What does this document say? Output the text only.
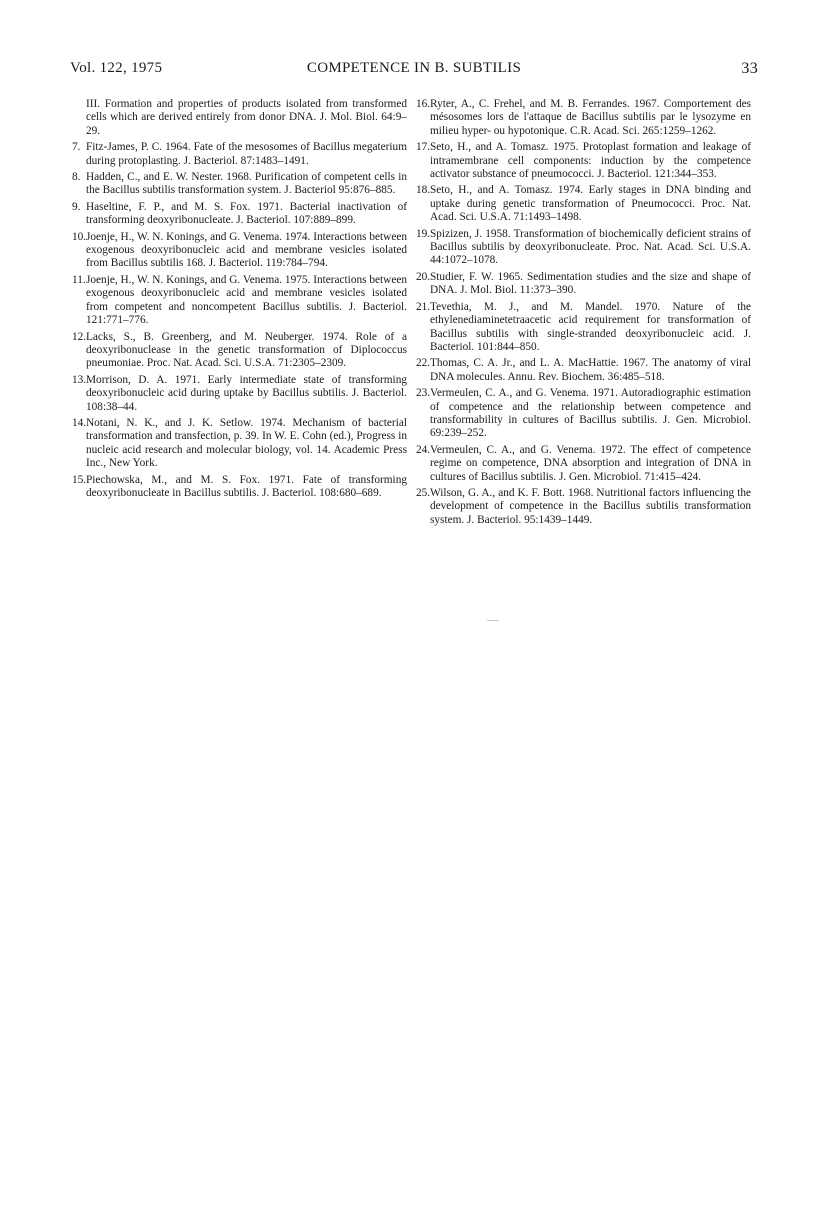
Vol. 122, 1975	COMPETENCE IN B. SUBTILIS	33

III. Formation and properties of products isolated from transformed cells which are derived entirely from donor DNA. J. Mol. Biol. 64:9–29.

7. Fitz-James, P. C. 1964. Fate of the mesosomes of Bacillus megaterium during protoplasting. J. Bacteriol. 87:1483–1491.

8. Hadden, C., and E. W. Nester. 1968. Purification of competent cells in the Bacillus subtilis transformation system. J. Bacteriol 95:876–885.

9. Haseltine, F. P., and M. S. Fox. 1971. Bacterial inactivation of transforming deoxyribonucleate. J. Bacteriol. 107:889–899.

10.Joenje, H., W. N. Konings, and G. Venema. 1974. Interactions between exogenous deoxyribonucleic acid and membrane vesicles isolated from Bacillus subtilis 168. J. Bacteriol. 119:784–794.

11.Joenje, H., W. N. Konings, and G. Venema. 1975. Interactions between exogenous deoxyribonucleic acid and membrane vesicles isolated from competent and noncompetent Bacillus subtilis. J. Bacteriol. 121:771–776.

12.Lacks, S., B. Greenberg, and M. Neuberger. 1974. Role of a deoxyribonuclease in the genetic transformation of Diplococcus pneumoniae. Proc. Nat. Acad. Sci. U.S.A. 71:2305–2309.

13.Morrison, D. A. 1971. Early intermediate state of transforming deoxyribonucleic acid during uptake by Bacillus subtilis. J. Bacteriol. 108:38–44.

14.Notani, N. K., and J. K. Setlow. 1974. Mechanism of bacterial transformation and transfection, p. 39. In W. E. Cohn (ed.), Progress in nucleic acid research and molecular biology, vol. 14. Academic Press Inc., New York.

15.Piechowska, M., and M. S. Fox. 1971. Fate of transforming deoxyribonucleate in Bacillus subtilis. J. Bacteriol. 108:680–689.

16.Ryter, A., C. Frehel, and M. B. Ferrandes. 1967. Comportement des mésosomes lors de l'attaque de Bacillus subtilis par le lysozyme en milieu hyper- ou hypotonique. C.R. Acad. Sci. 265:1259–1262.

17.Seto, H., and A. Tomasz. 1975. Protoplast formation and leakage of intramembrane cell components: induction by the competence activator substance of pneumococci. J. Bacteriol. 121:344–353.

18.Seto, H., and A. Tomasz. 1974. Early stages in DNA binding and uptake during genetic transformation of Pneumococci. Proc. Nat. Acad. Sci. U.S.A. 71:1493–1498.

19.Spizizen, J. 1958. Transformation of biochemically deficient strains of Bacillus subtilis by deoxyribonucleate. Proc. Nat. Acad. Sci. U.S.A. 44:1072–1078.

20.Studier, F. W. 1965. Sedimentation studies and the size and shape of DNA. J. Mol. Biol. 11:373–390.

21.Tevethia, M. J., and M. Mandel. 1970. Nature of the ethylenediaminetetraacetic acid requirement for transformation of Bacillus subtilis with single-stranded deoxyribonucleic acid. J. Bacteriol. 101:844–850.

22.Thomas, C. A. Jr., and L. A. MacHattie. 1967. The anatomy of viral DNA molecules. Annu. Rev. Biochem. 36:485–518.

23.Vermeulen, C. A., and G. Venema. 1971. Autoradiographic estimation of competence and the relationship between competence and transformability in cultures of Bacillus subtilis. J. Gen. Microbiol. 69:239–252.

24.Vermeulen, C. A., and G. Venema. 1972. The effect of competence regime on competence, DNA absorption and integration of DNA in cultures of Bacillus subtilis. J. Gen. Microbiol. 71:415–424.

25.Wilson, G. A., and K. F. Bott. 1968. Nutritional factors influencing the development of competence in the Bacillus subtilis transformation system. J. Bacteriol. 95:1439–1449.
